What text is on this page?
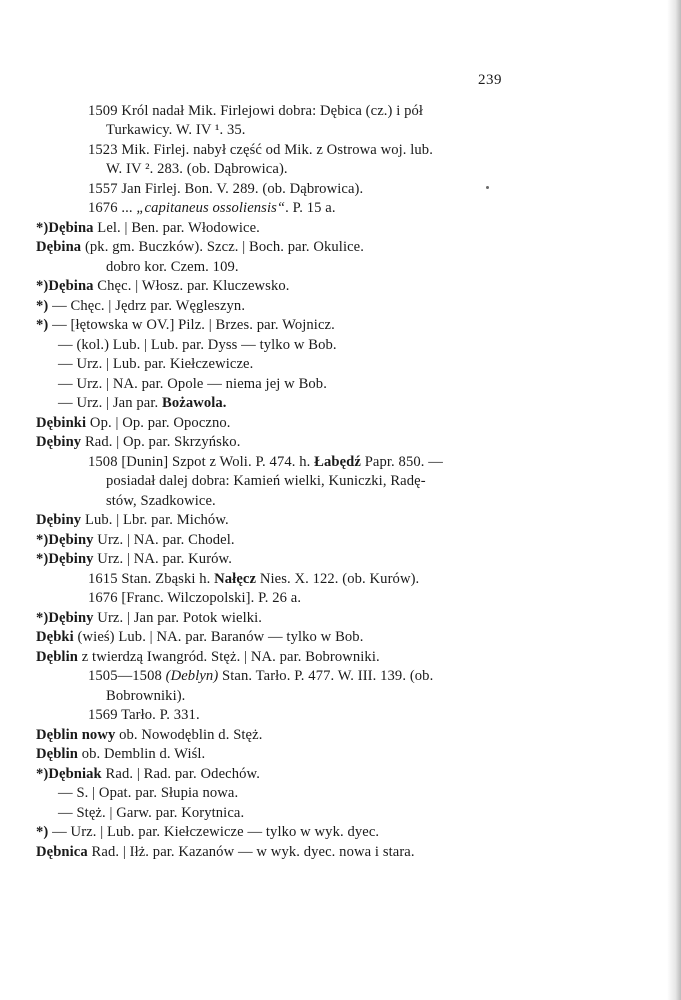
239
1509 Król nadał Mik. Firlejowi dobra: Dębica (cz.) i pół
Turkawicy. W. IV ¹. 35.
1523 Mik. Firlej. nabył część od Mik. z Ostrowa woj. lub.
W. IV ². 283. (ob. Dąbrowica).
1557 Jan Firlej. Bon. V. 289. (ob. Dąbrowica).
1676 ... „capitaneus ossoliensis“. P. 15 a.
*)Dębina Lel. | Ben. par. Włodowice.
Dębina (pk. gm. Buczków). Szcz. | Boch. par. Okulice.
dobro kor. Czem. 109.
*)Dębina Chęc. | Włosz. par. Kluczewsko.
*) — Chęc. | Jędrz par. Węgleszyn.
*) — [łętowska w OV.] Pilz. | Brzes. par. Wojnicz.
— (kol.) Lub. | Lub. par. Dyss — tylko w Bob.
— Urz. | Lub. par. Kiełczewicze.
— Urz. | NA. par. Opole — niema jej w Bob.
— Urz. | Jan par. Bożawola.
Dębinki Op. | Op. par. Opoczno.
Dębiny Rad. | Op. par. Skrzyńsko.
1508 [Dunin] Szpot z Woli. P. 474. h. Łabędź Papr. 850. —
posiadał dalej dobra: Kamień wielki, Kuniczki, Radę-
stów, Szadkowice.
Dębiny Lub. | Lbr. par. Michów.
*)Dębiny Urz. | NA. par. Chodel.
*)Dębiny Urz. | NA. par. Kurów.
1615 Stan. Zbąski h. Nałęcz Nies. X. 122. (ob. Kurów).
1676 [Franc. Wilczopolski]. P. 26 a.
*)Dębiny Urz. | Jan par. Potok wielki.
Dębki (wieś) Lub. | NA. par. Baranów — tylko w Bob.
Dęblin z twierdzą Iwangród. Stęż. | NA. par. Bobrowniki.
1505—1508 (Deblyn) Stan. Tarło. P. 477. W. III. 139. (ob.
Bobrowniki).
1569 Tarło. P. 331.
Dęblin nowy ob. Nowodęblin d. Stęż.
Dęblin ob. Demblin d. Wiśl.
*)Dębniak Rad. | Rad. par. Odechów.
— S. | Opat. par. Słupia nowa.
— Stęż. | Garw. par. Korytnica.
*) — Urz. | Lub. par. Kiełczewicze — tylko w wyk. dyec.
Dębnica Rad. | Iłż. par. Kazanów — w wyk. dyec. nowa i stara.
